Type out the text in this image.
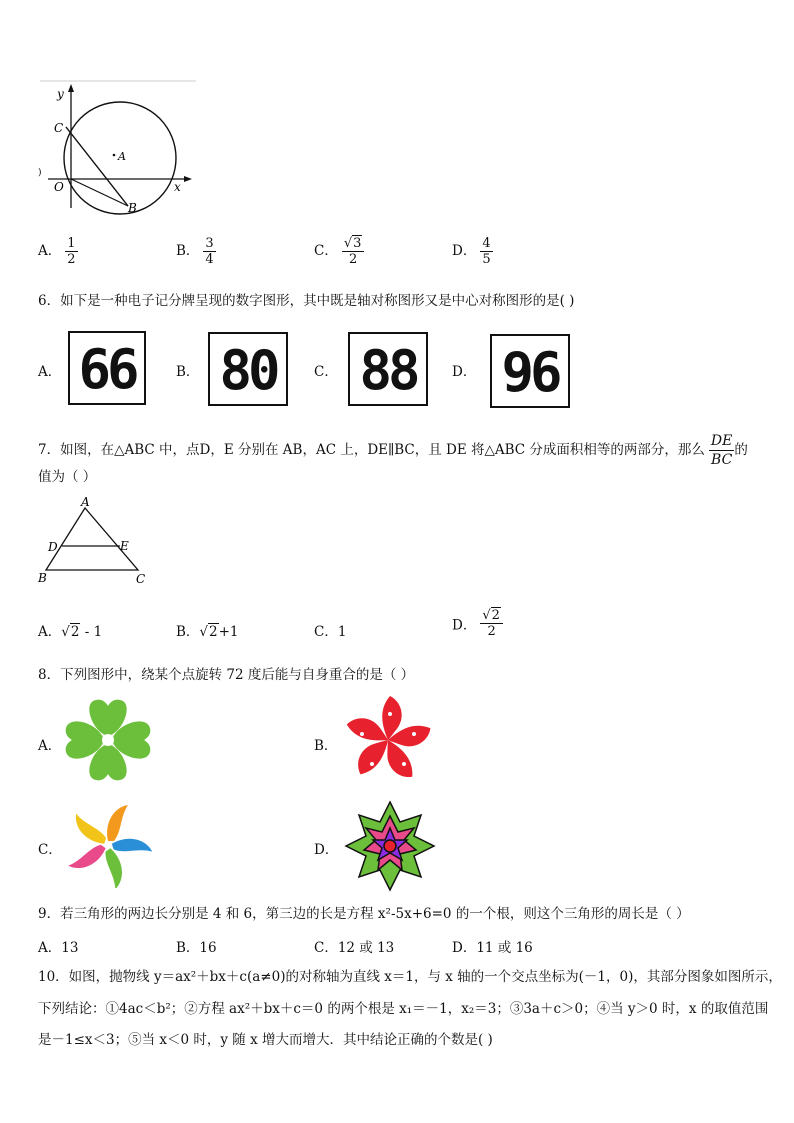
y
x
C
A
O
B
)
A． $\frac{1}{2}$	B． $\frac{3}{4}$	C． $\frac{√3}{2}$	D． $\frac{4}{5}$
6．如下是一种电子记分牌呈现的数字图形，其中既是轴对称图形又是中心对称图形的是( )
A． 66	B． 80	C． 88	D． 96
7．如图，在△ABC 中，点D，E 分别在 AB，AC 上，DE∥BC，且 DE 将△ABC 分成面积相等的两部分，那么 $\frac{DE}{BC}$ 的
值为（ ）
A
D	E
B	C
A．√2 - 1	B．√2+1	C．1	D． $\frac{√2}{2}$
8．下列图形中，绕某个点旋转 72 度后能与自身重合的是（ ）
A．	B．
C．	D．
9．若三角形的两边长分别是 4 和 6，第三边的长是方程 x²-5x+6=0 的一个根，则这个三角形的周长是（ ）
A．13	B．16	C．12 或 13	D．11 或 16
10．如图，抛物线 y＝ax²＋bx＋c(a≠0)的对称轴为直线 x＝1，与 x 轴的一个交点坐标为(－1，0)，其部分图象如图所示，
下列结论：①4ac＜b²；②方程 ax²＋bx＋c＝0 的两个根是 x₁＝－1，x₂＝3；③3a＋c＞0；④当 y＞0 时，x 的取值范围
是－1≤x＜3；⑤当 x＜0 时，y 随 x 增大而增大．其中结论正确的个数是( )
